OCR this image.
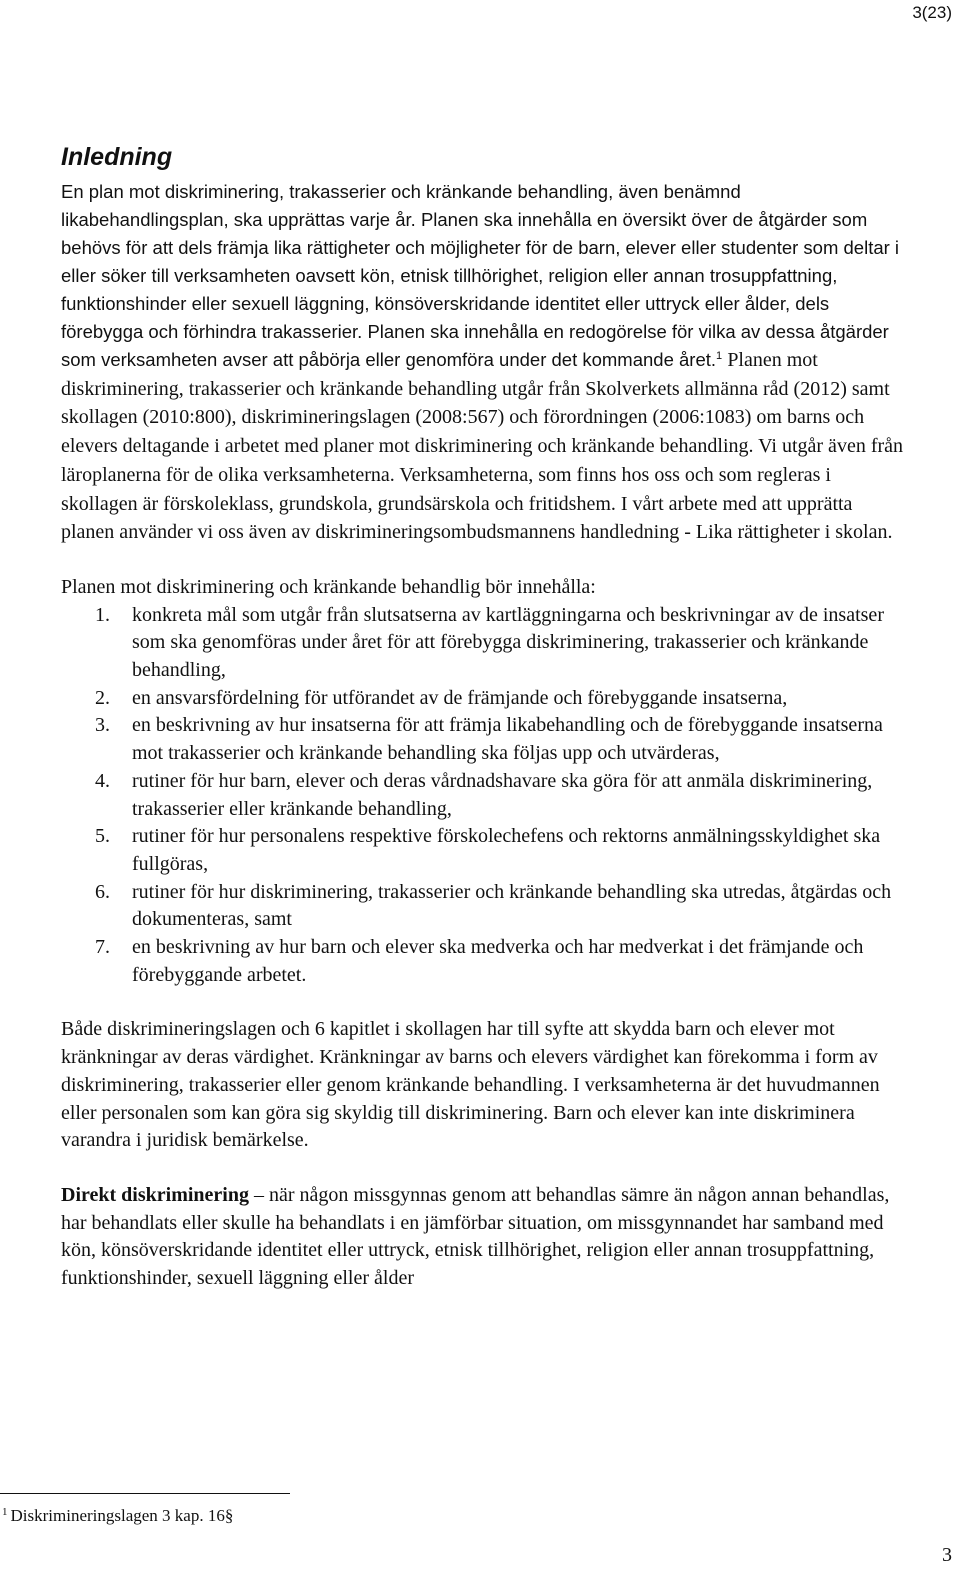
3(23)
Inledning

En plan mot diskriminering, trakasserier och kränkande behandling, även benämnd likabehandlingsplan, ska upprättas varje år. Planen ska innehålla en översikt över de åtgärder som behövs för att dels främja lika rättigheter och möjligheter för de barn, elever eller studenter som deltar i eller söker till verksamheten oavsett kön, etnisk tillhörighet, religion eller annan trosuppfattning, funktionshinder eller sexuell läggning, könsöverskridande identitet eller uttryck eller ålder, dels förebygga och förhindra trakasserier. Planen ska innehålla en redogörelse för vilka av dessa åtgärder som verksamheten avser att påbörja eller genomföra under det kommande året.$^1$ Planen mot diskriminering, trakasserier och kränkande behandling utgår från Skolverkets allmänna råd (2012) samt skollagen (2010:800), diskrimineringslagen (2008:567) och förordningen (2006:1083) om barns och elevers deltagande i arbetet med planer mot diskriminering och kränkande behandling. Vi utgår även från läroplanerna för de olika verksamheterna. Verksamheterna, som finns hos oss och som regleras i skollagen är förskoleklass, grundskola, grundsärskola och fritidshem. I vårt arbete med att upprätta planen använder vi oss även av diskrimineringsombudsmannens handledning - Lika rättigheter i skolan.

Planen mot diskriminering och kränkande behandlig bör innehålla:

1. konkreta mål som utgår från slutsatserna av kartläggningarna och beskrivningar av de insatser som ska genomföras under året för att förebygga diskriminering, trakasserier och kränkande behandling,
2. en ansvarsfördelning för utförandet av de främjande och förebyggande insatserna,
3. en beskrivning av hur insatserna för att främja likabehandling och de förebyggande insatserna mot trakasserier och kränkande behandling ska följas upp och utvärderas,
4. rutiner för hur barn, elever och deras vårdnadshavare ska göra för att anmäla diskriminering, trakasserier eller kränkande behandling,
5. rutiner för hur personalens respektive förskolechefens och rektorns anmälningsskyldighet ska fullgöras,
6. rutiner för hur diskriminering, trakasserier och kränkande behandling ska utredas, åtgärdas och dokumenteras, samt
7. en beskrivning av hur barn och elever ska medverka och har medverkat i det främjande och förebyggande arbetet.

Både diskrimineringslagen och 6 kapitlet i skollagen har till syfte att skydda barn och elever mot kränkningar av deras värdighet. Kränkningar av barns och elevers värdighet kan förekomma i form av diskriminering, trakasserier eller genom kränkande behandling. I verksamheterna är det huvudmannen eller personalen som kan göra sig skyldig till diskriminering. Barn och elever kan inte diskriminera varandra i juridisk bemärkelse.

Direkt diskriminering – när någon missgynnas genom att behandlas sämre än någon annan behandlas, har behandlats eller skulle ha behandlats i en jämförbar situation, om missgynnandet har samband med kön, könsöverskridande identitet eller uttryck, etnisk tillhörighet, religion eller annan trosuppfattning, funktionshinder, sexuell läggning eller ålder

$^1$ Diskrimineringslagen 3 kap. 16§
3
